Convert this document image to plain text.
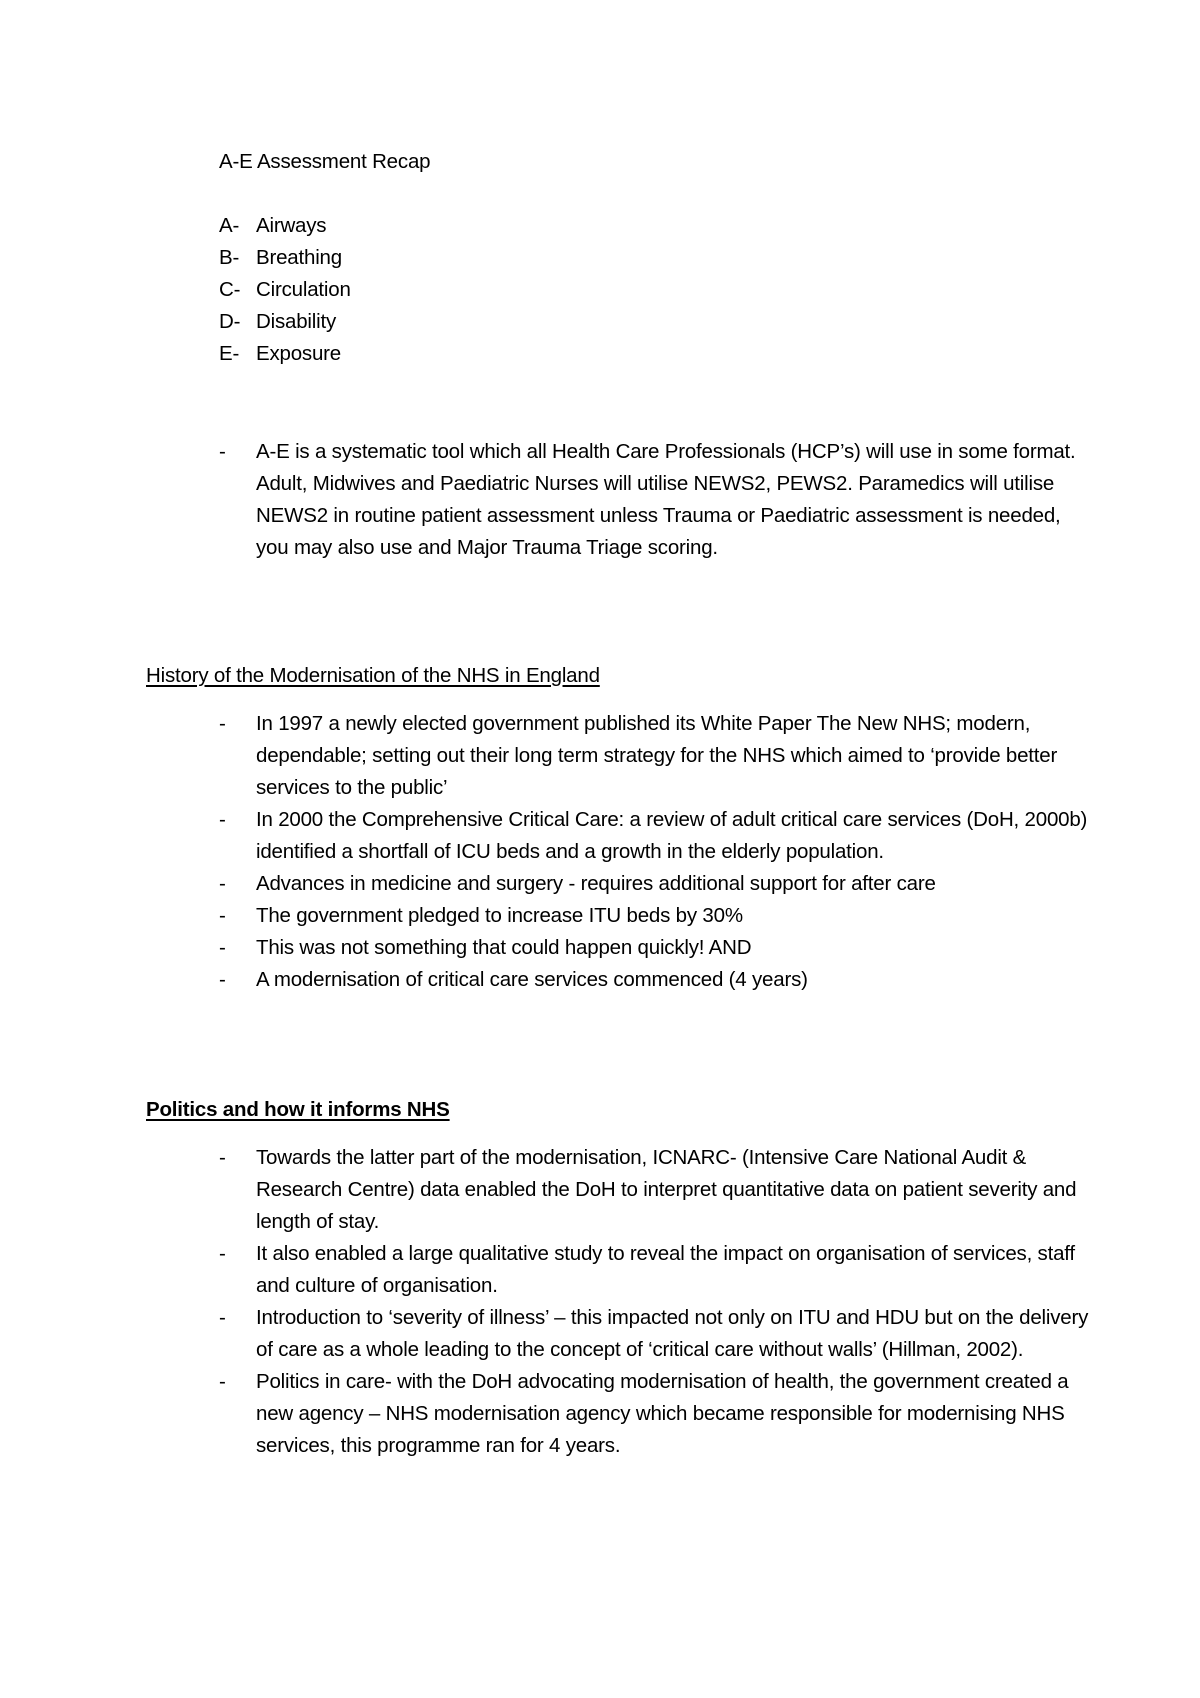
A-E Assessment Recap

A- Airways
B- Breathing
C- Circulation
D- Disability
E- Exposure
- A-E is a systematic tool which all Health Care Professionals (HCP’s) will use in some format. Adult, Midwives and Paediatric Nurses will utilise NEWS2, PEWS2. Paramedics will utilise NEWS2 in routine patient assessment unless Trauma or Paediatric assessment is needed, you may also use and Major Trauma Triage scoring.

History of the Modernisation of the NHS in England

- In 1997 a newly elected government published its White Paper The New NHS; modern, dependable; setting out their long term strategy for the NHS which aimed to ‘provide better services to the public’
- In 2000 the Comprehensive Critical Care: a review of adult critical care services (DoH, 2000b) identified a shortfall of ICU beds and a growth in the elderly population.
- Advances in medicine and surgery - requires additional support for after care
- The government pledged to increase ITU beds by 30%
- This was not something that could happen quickly! AND
- A modernisation of critical care services commenced (4 years)

Politics and how it informs NHS

- Towards the latter part of the modernisation, ICNARC- (Intensive Care National Audit & Research Centre) data enabled the DoH to interpret quantitative data on patient severity and length of stay.
- It also enabled a large qualitative study to reveal the impact on organisation of services, staff and culture of organisation.
- Introduction to ‘severity of illness’ – this impacted not only on ITU and HDU but on the delivery of care as a whole leading to the concept of ‘critical care without walls’ (Hillman, 2002).
- Politics in care- with the DoH advocating modernisation of health, the government created a new agency – NHS modernisation agency which became responsible for modernising NHS services, this programme ran for 4 years.
